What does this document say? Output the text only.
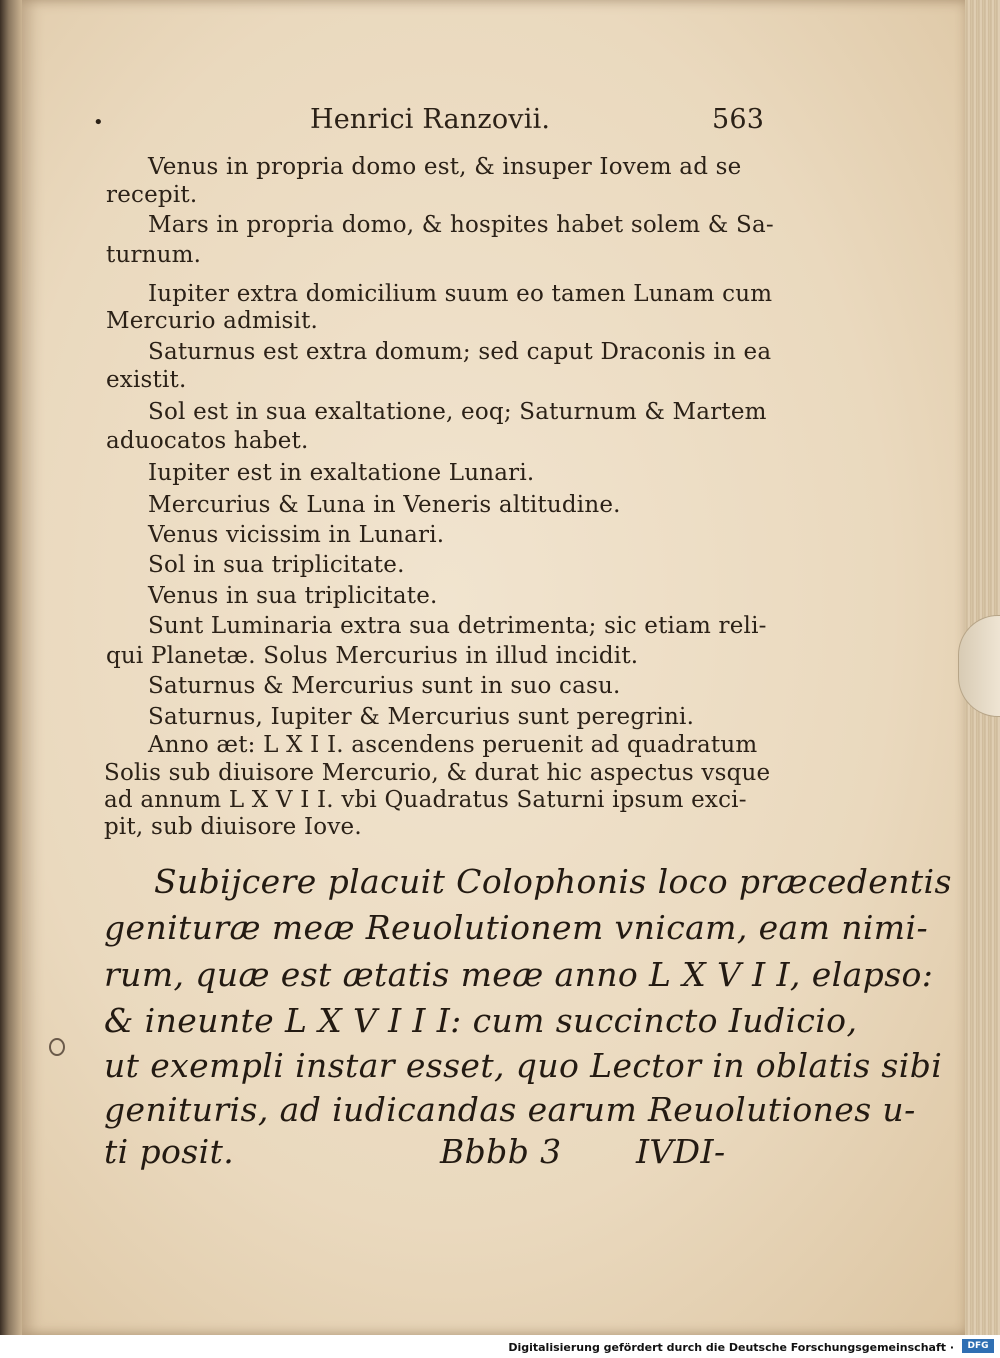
•	Henrici Ranzovii.	563
Venus in propria domo est, & insuper Iovem ad se
recepit.
Mars in propria domo, & hospites habet solem & Sa-
turnum.
Iupiter extra domicilium suum eo tamen Lunam cum
Mercurio admisit.
Saturnus est extra domum; sed caput Draconis in ea
existit.
Sol est in sua exaltatione, eoq; Saturnum & Martem
aduocatos habet.
Iupiter est in exaltatione Lunari.
Mercurius & Luna in Veneris altitudine.
Venus vicissim in Lunari.
Sol in sua triplicitate.
Venus in sua triplicitate.
Sunt Luminaria extra sua detrimenta; sic etiam reli-
qui Planetæ. Solus Mercurius in illud incidit.
Saturnus & Mercurius sunt in suo casu.
Saturnus, Iupiter & Mercurius sunt peregrini.
Anno æt: L X I I. ascendens peruenit ad quadratum
Solis sub diuisore Mercurio, & durat hic aspectus vsque
ad annum L X V I I. vbi Quadratus Saturni ipsum exci-
pit, sub diuisore Iove.
Subijcere placuit Colophonis loco præcedentis
genituræ meæ Reuolutionem vnicam, eam nimi-
rum, quæ est ætatis meæ anno L X V I I, elapso:
& ineunte L X V I I I: cum succincto Iudicio,
ut exempli instar esset, quo Lector in oblatis sibi
genituris, ad iudicandas earum Reuolutiones u-
ti posit.	Bbbb 3 IVDI-
Digitalisierung gefördert durch die Deutsche Forschungsgemeinschaft ·	DFG
